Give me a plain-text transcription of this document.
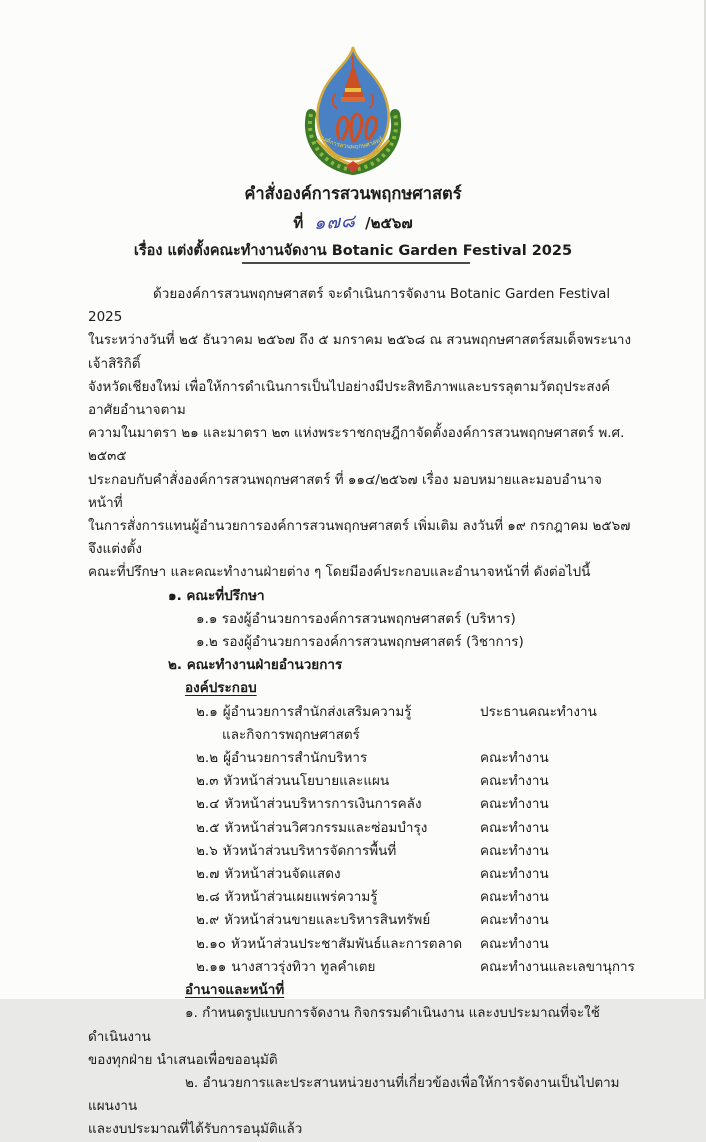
องค์การสวนพฤกษศาสตร์
คำสั่งองค์การสวนพฤกษศาสตร์
ที่ ๑๗๘ /๒๕๖๗
เรื่อง แต่งตั้งคณะทำงานจัดงาน Botanic Garden Festival 2025
ด้วยองค์การสวนพฤกษศาสตร์ จะดำเนินการจัดงาน Botanic Garden Festival 2025
ในระหว่างวันที่ ๒๕ ธันวาคม ๒๕๖๗ ถึง ๕ มกราคม ๒๕๖๘ ณ สวนพฤกษศาสตร์สมเด็จพระนางเจ้าสิริกิติ์
จังหวัดเชียงใหม่ เพื่อให้การดำเนินการเป็นไปอย่างมีประสิทธิภาพและบรรลุตามวัตถุประสงค์ อาศัยอำนาจตาม
ความในมาตรา ๒๑ และมาตรา ๒๓ แห่งพระราชกฤษฎีกาจัดตั้งองค์การสวนพฤกษศาสตร์ พ.ศ. ๒๕๓๕
ประกอบกับคำสั่งองค์การสวนพฤกษศาสตร์ ที่ ๑๑๔/๒๕๖๗ เรื่อง มอบหมายและมอบอำนาจหน้าที่
ในการสั่งการแทนผู้อำนวยการองค์การสวนพฤกษศาสตร์ เพิ่มเติม ลงวันที่ ๑๙ กรกฎาคม ๒๕๖๗ จึงแต่งตั้ง
คณะที่ปรึกษา และคณะทำงานฝ่ายต่าง ๆ โดยมีองค์ประกอบและอำนาจหน้าที่ ดังต่อไปนี้
๑. คณะที่ปรึกษา
๑.๑ รองผู้อำนวยการองค์การสวนพฤกษศาสตร์ (บริหาร)
๑.๒ รองผู้อำนวยการองค์การสวนพฤกษศาสตร์ (วิชาการ)
๒. คณะทำงานฝ่ายอำนวยการ
องค์ประกอบ
๒.๑ ผู้อำนวยการสำนักส่งเสริมความรู้	ประธานคณะทำงาน
และกิจการพฤกษศาสตร์
๒.๒ ผู้อำนวยการสำนักบริหาร	คณะทำงาน
๒.๓ หัวหน้าส่วนนโยบายและแผน	คณะทำงาน
๒.๔ หัวหน้าส่วนบริหารการเงินการคลัง	คณะทำงาน
๒.๕ หัวหน้าส่วนวิศวกรรมและซ่อมบำรุง	คณะทำงาน
๒.๖ หัวหน้าส่วนบริหารจัดการพื้นที่	คณะทำงาน
๒.๗ หัวหน้าส่วนจัดแสดง	คณะทำงาน
๒.๘ หัวหน้าส่วนเผยแพร่ความรู้	คณะทำงาน
๒.๙ หัวหน้าส่วนขายและบริหารสินทรัพย์	คณะทำงาน
๒.๑๐ หัวหน้าส่วนประชาสัมพันธ์และการตลาด คณะทำงาน
๒.๑๑ นางสาวรุ่งทิวา ทูลคำเตย	คณะทำงานและเลขานุการ
อำนาจและหน้าที่
๑. กำหนดรูปแบบการจัดงาน กิจกรรมดำเนินงาน และงบประมาณที่จะใช้ดำเนินงาน
ของทุกฝ่าย นำเสนอเพื่อขออนุมัติ
๒. อำนวยการและประสานหน่วยงานที่เกี่ยวข้องเพื่อให้การจัดงานเป็นไปตามแผนงาน
และงบประมาณที่ได้รับการอนุมัติแล้ว
